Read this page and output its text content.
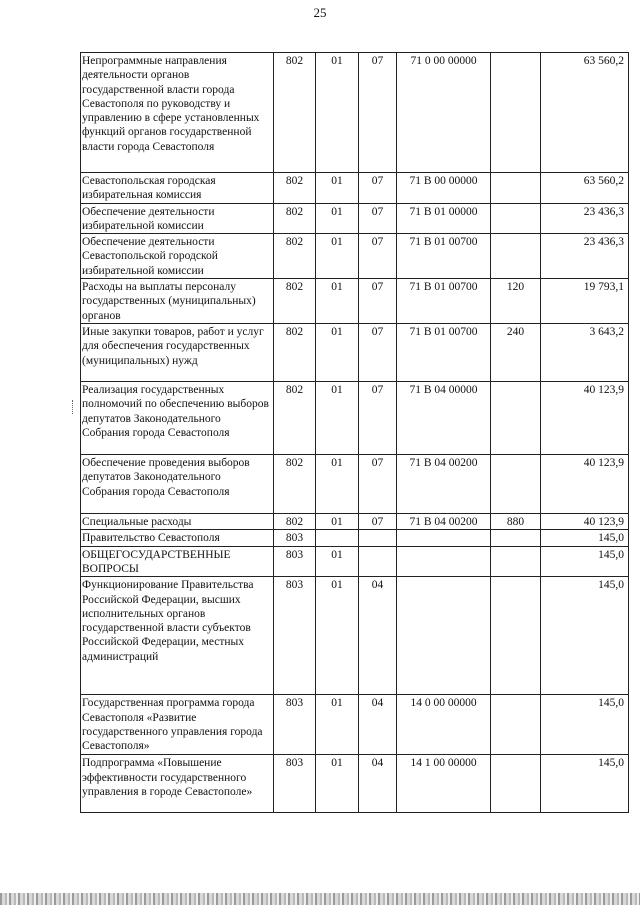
25
Непрограммные направления деятельности органов государственной власти города Севастополя по руководству и управлению в сфере установленных функций органов государственной власти города Севастополя	802	01	07	71 0 00 00000		63 560,2
Севастопольская городская избирательная комиссия	802	01	07	71 В 00 00000		63 560,2
Обеспечение деятельности избирательной комиссии	802	01	07	71 В 01 00000		23 436,3
Обеспечение деятельности Севастопольской городской избирательной комиссии	802	01	07	71 В 01 00700		23 436,3
Расходы на выплаты персоналу государственных (муниципальных) органов	802	01	07	71 В 01 00700	120	19 793,1
Иные закупки товаров, работ и услуг для обеспечения государственных (муниципальных) нужд	802	01	07	71 В 01 00700	240	3 643,2
Реализация государственных полномочий по обеспечению выборов депутатов Законодательного Собрания города Севастополя	802	01	07	71 В 04 00000		40 123,9
Обеспечение проведения выборов депутатов Законодательного Собрания города Севастополя	802	01	07	71 В 04 00200		40 123,9
Специальные расходы	802	01	07	71 В 04 00200	880	40 123,9
Правительство Севастополя	803					145,0
ОБЩЕГОСУДАРСТВЕННЫЕ ВОПРОСЫ	803	01				145,0
Функционирование Правительства Российской Федерации, высших исполнительных органов государственной власти субъектов Российской Федерации, местных администраций	803	01	04			145,0
Государственная программа города Севастополя «Развитие государственного управления города Севастополя»	803	01	04	14 0 00 00000		145,0
Подпрограмма «Повышение эффективности государственного управления в городе Севастополе»	803	01	04	14 1 00 00000		145,0
